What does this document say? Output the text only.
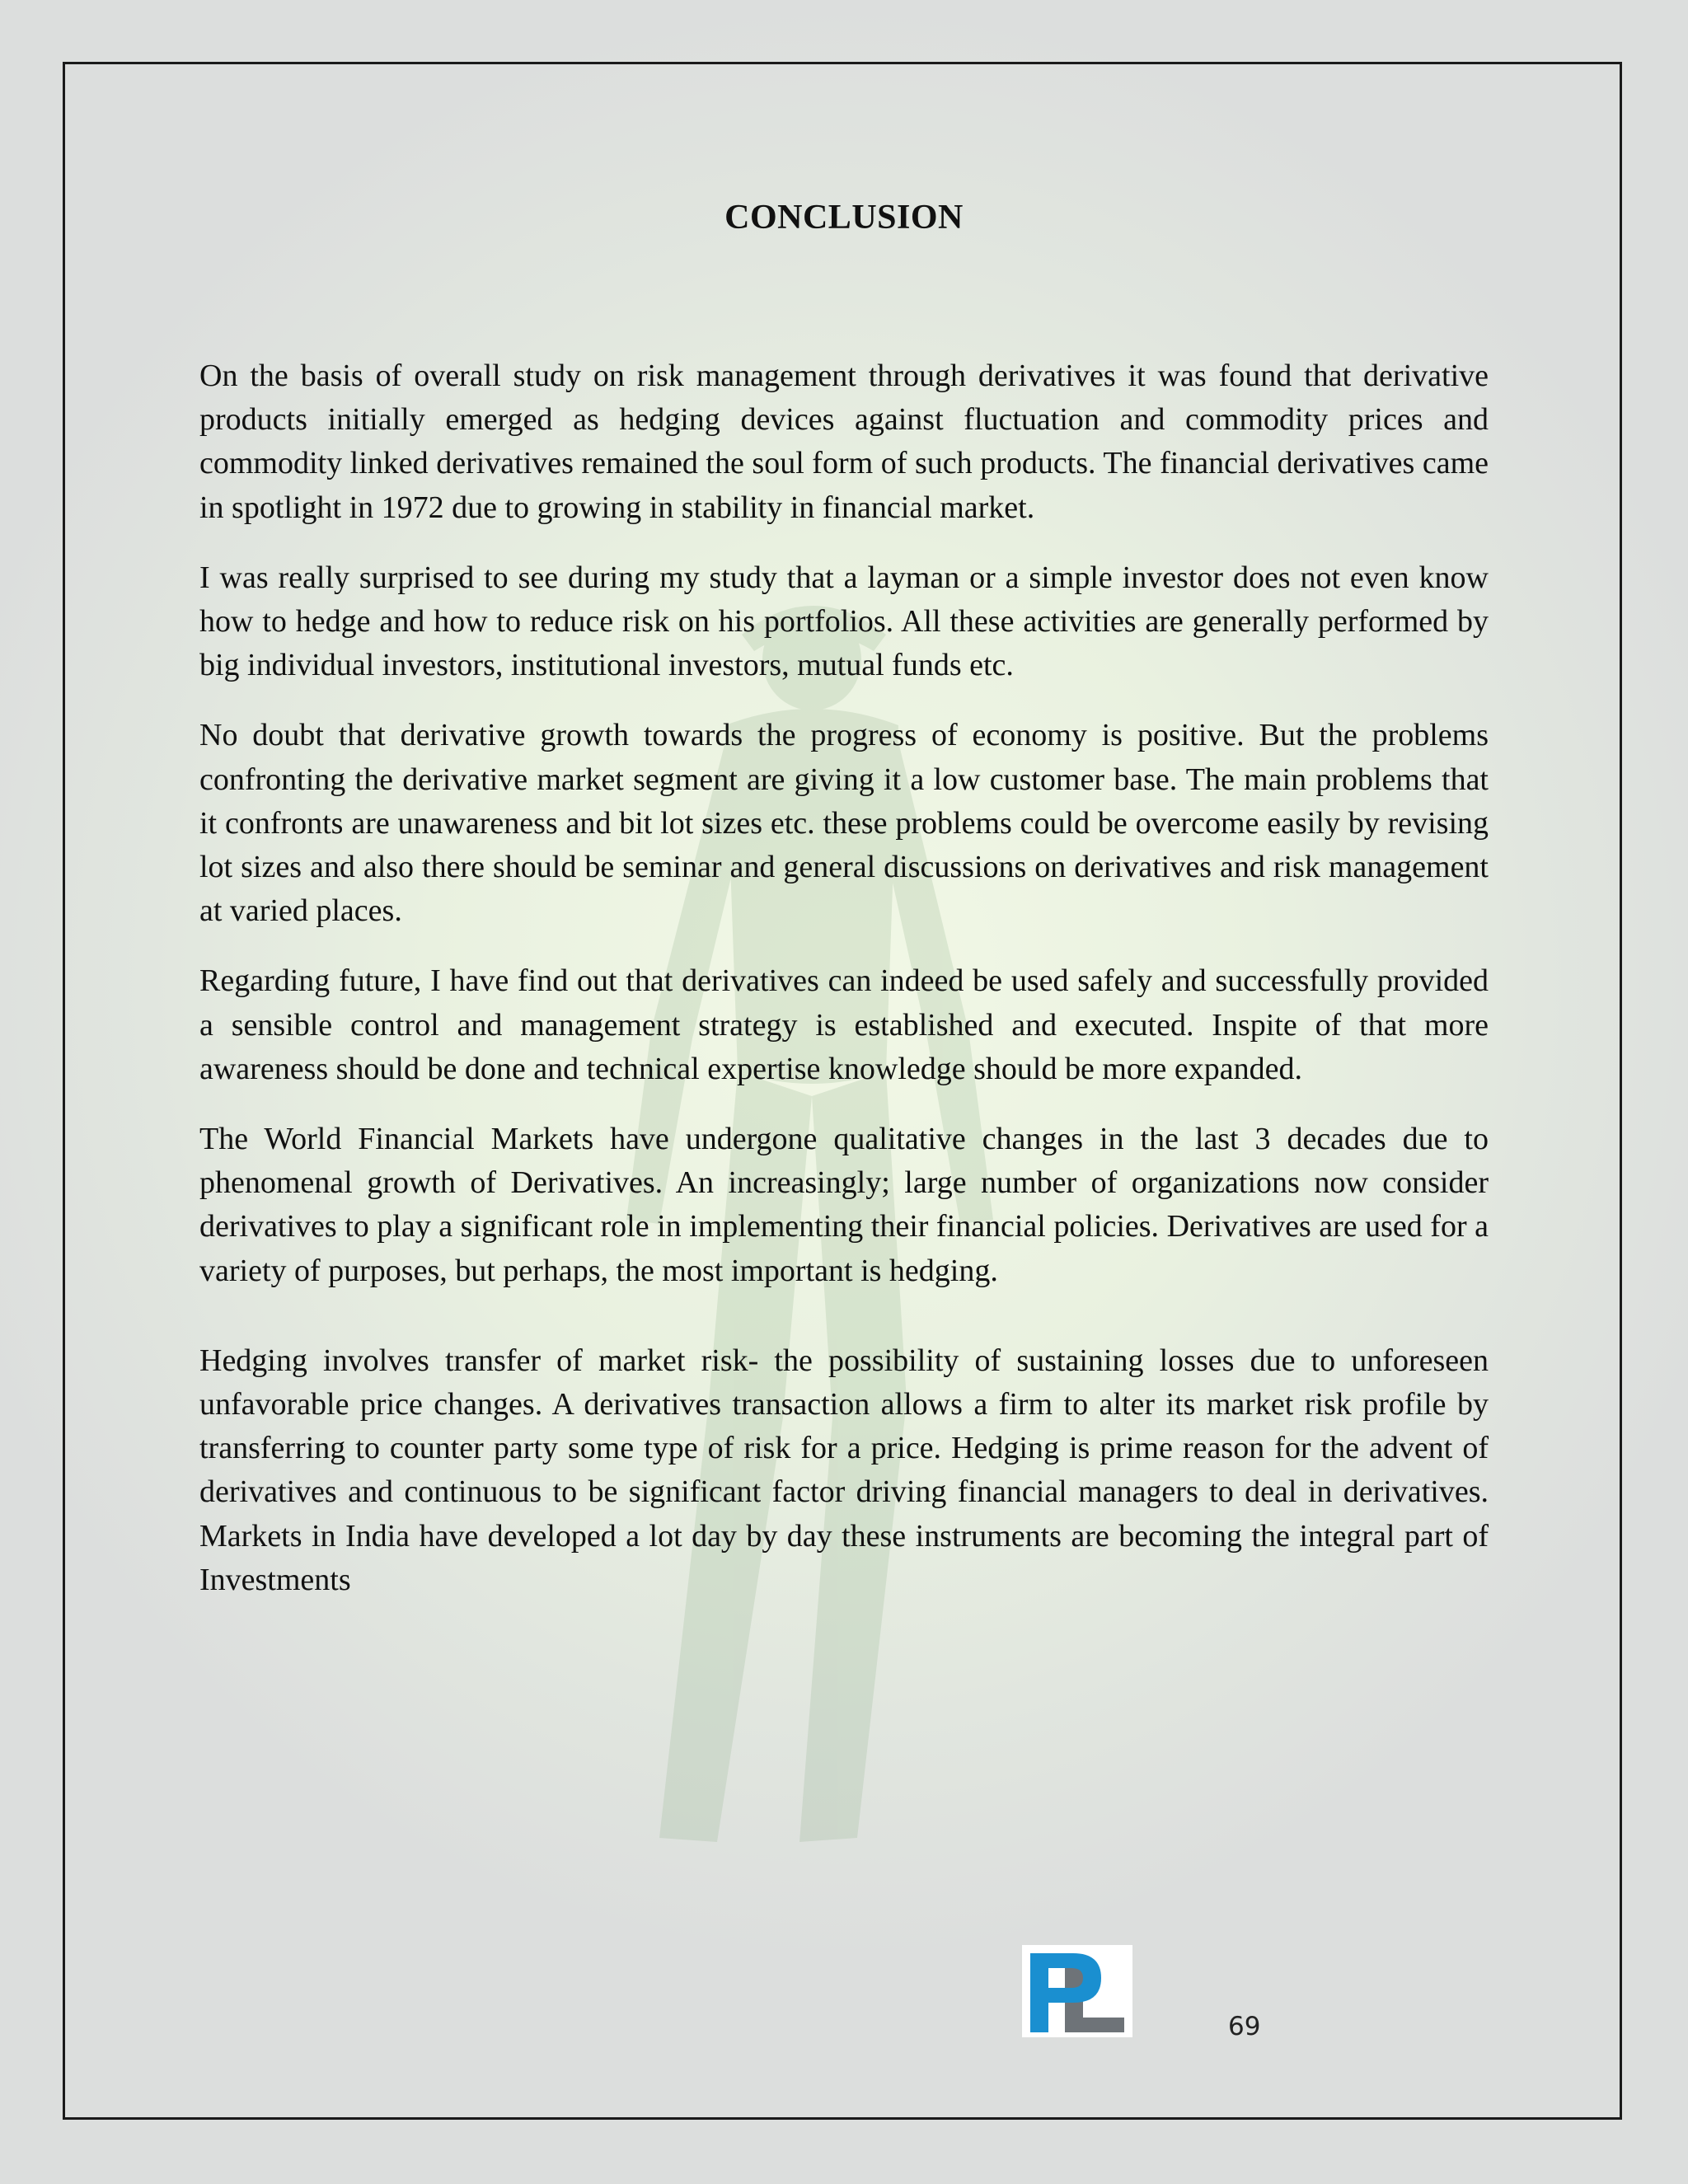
CONCLUSION

On the basis of overall study on risk management through derivatives it was found that derivative products initially emerged as hedging devices against fluctuation and commodity prices and commodity linked derivatives remained the soul form of such products. The financial derivatives came in spotlight in 1972 due to growing in stability in financial market.

I was really surprised to see during my study that a layman or a simple investor does not even know how to hedge and how to reduce risk on his portfolios. All these activities are generally performed by big individual investors, institutional investors, mutual funds etc.

No doubt that derivative growth towards the progress of economy is positive. But the problems confronting the derivative market segment are giving it a low customer base. The main problems that it confronts are unawareness and bit lot sizes etc. these problems could be overcome easily by revising lot sizes and also there should be seminar and general discussions on derivatives and risk management at varied places.

Regarding future, I have find out that derivatives can indeed be used safely and successfully provided a sensible control and management strategy is established and executed. Inspite of that more awareness should be done and technical expertise knowledge should be more expanded.

The World Financial Markets have undergone qualitative changes in the last 3 decades due to phenomenal growth of Derivatives. An increasingly; large number of organizations now consider derivatives to play a significant role in implementing their financial policies. Derivatives are used for a variety of purposes, but perhaps, the most important is hedging.

Hedging involves transfer of market risk- the possibility of sustaining losses due to unforeseen unfavorable price changes. A derivatives transaction allows a firm to alter its market risk profile by transferring to counter party some type of risk for a price. Hedging is prime reason for the advent of derivatives and continuous to be significant factor driving financial managers to deal in derivatives. Markets in India have developed a lot day by day these instruments are becoming the integral part of Investments

69
